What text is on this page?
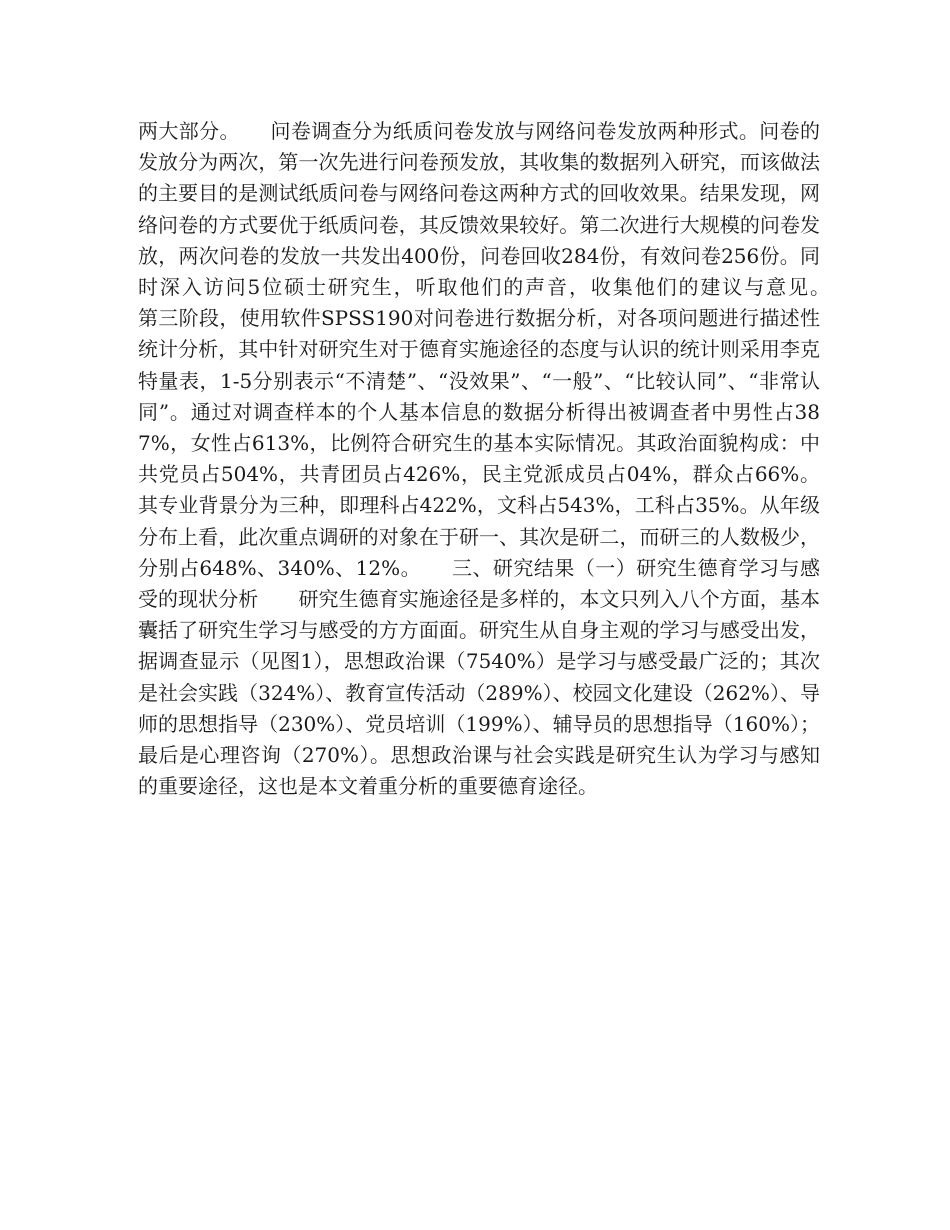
两大部分。　　问卷调查分为纸质问卷发放与网络问卷发放两种形式。问卷的发放分为两次，第一次先进行问卷预发放，其收集的数据列入研究，而该做法的主要目的是测试纸质问卷与网络问卷这两种方式的回收效果。结果发现，网络问卷的方式要优于纸质问卷，其反馈效果较好。第二次进行大规模的问卷发放，两次问卷的发放一共发出400份，问卷回收284份，有效问卷256份。同时深入访问5位硕士研究生，听取他们的声音，收集他们的建议与意见。　　第三阶段，使用软件SPSS190对问卷进行数据分析，对各项问题进行描述性统计分析，其中针对研究生对于德育实施途径的态度与认识的统计则采用李克特量表，1-5分别表示“不清楚”、“没效果”、“一般”、“比较认同”、“非常认同”。通过对调查样本的个人基本信息的数据分析得出被调查者中男性占387%，女性占613%，比例符合研究生的基本实际情况。其政治面貌构成：中共党员占504%，共青团员占426%，民主党派成员占04%，群众占66%。其专业背景分为三种，即理科占422%，文科占543%，工科占35%。从年级分布上看，此次重点调研的对象在于研一、其次是研二，而研三的人数极少，分别占648%、340%、12%。　　三、研究结果（一）研究生德育学习与感受的现状分析　　研究生德育实施途径是多样的，本文只列入八个方面，基本囊括了研究生学习与感受的方方面面。研究生从自身主观的学习与感受出发，据调查显示（见图1），思想政治课（7540%）是学习与感受最广泛的；其次是社会实践（324%）、教育宣传活动（289%）、校园文化建设（262%）、导师的思想指导（230%）、党员培训（199%）、辅导员的思想指导（160%）；最后是心理咨询（270%）。思想政治课与社会实践是研究生认为学习与感知的重要途径，这也是本文着重分析的重要德育途径。
